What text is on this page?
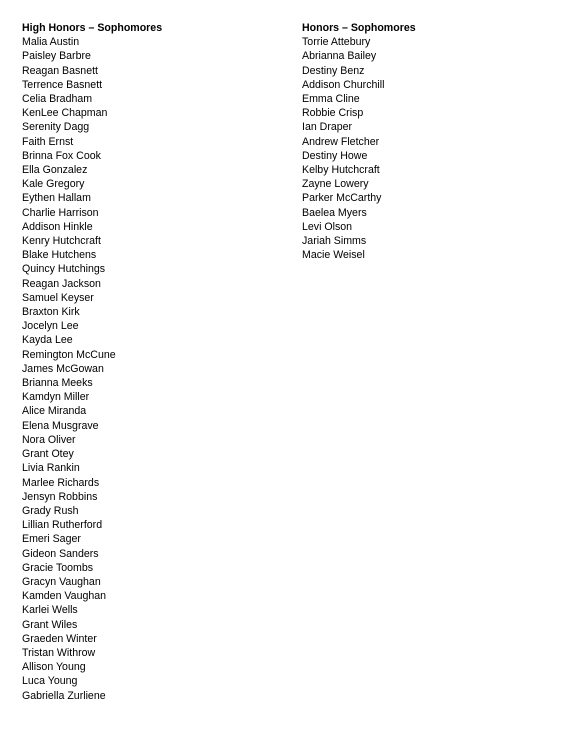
High Honors – Sophomores
Malia Austin
Paisley Barbre
Reagan Basnett
Terrence Basnett
Celia Bradham
KenLee Chapman
Serenity Dagg
Faith Ernst
Brinna Fox Cook
Ella Gonzalez
Kale Gregory
Eythen Hallam
Charlie Harrison
Addison Hinkle
Kenry Hutchcraft
Blake Hutchens
Quincy Hutchings
Reagan Jackson
Samuel Keyser
Braxton Kirk
Jocelyn Lee
Kayda Lee
Remington McCune
James McGowan
Brianna Meeks
Kamdyn Miller
Alice Miranda
Elena Musgrave
Nora Oliver
Grant Otey
Livia Rankin
Marlee Richards
Jensyn Robbins
Grady Rush
Lillian Rutherford
Emeri Sager
Gideon Sanders
Gracie Toombs
Gracyn Vaughan
Kamden Vaughan
Karlei Wells
Grant Wiles
Graeden Winter
Tristan Withrow
Allison Young
Luca Young
Gabriella Zurliene
Honors – Sophomores
Torrie Attebury
Abrianna Bailey
Destiny Benz
Addison Churchill
Emma Cline
Robbie Crisp
Ian Draper
Andrew Fletcher
Destiny Howe
Kelby Hutchcraft
Zayne Lowery
Parker McCarthy
Baelea Myers
Levi Olson
Jariah Simms
Macie Weisel
